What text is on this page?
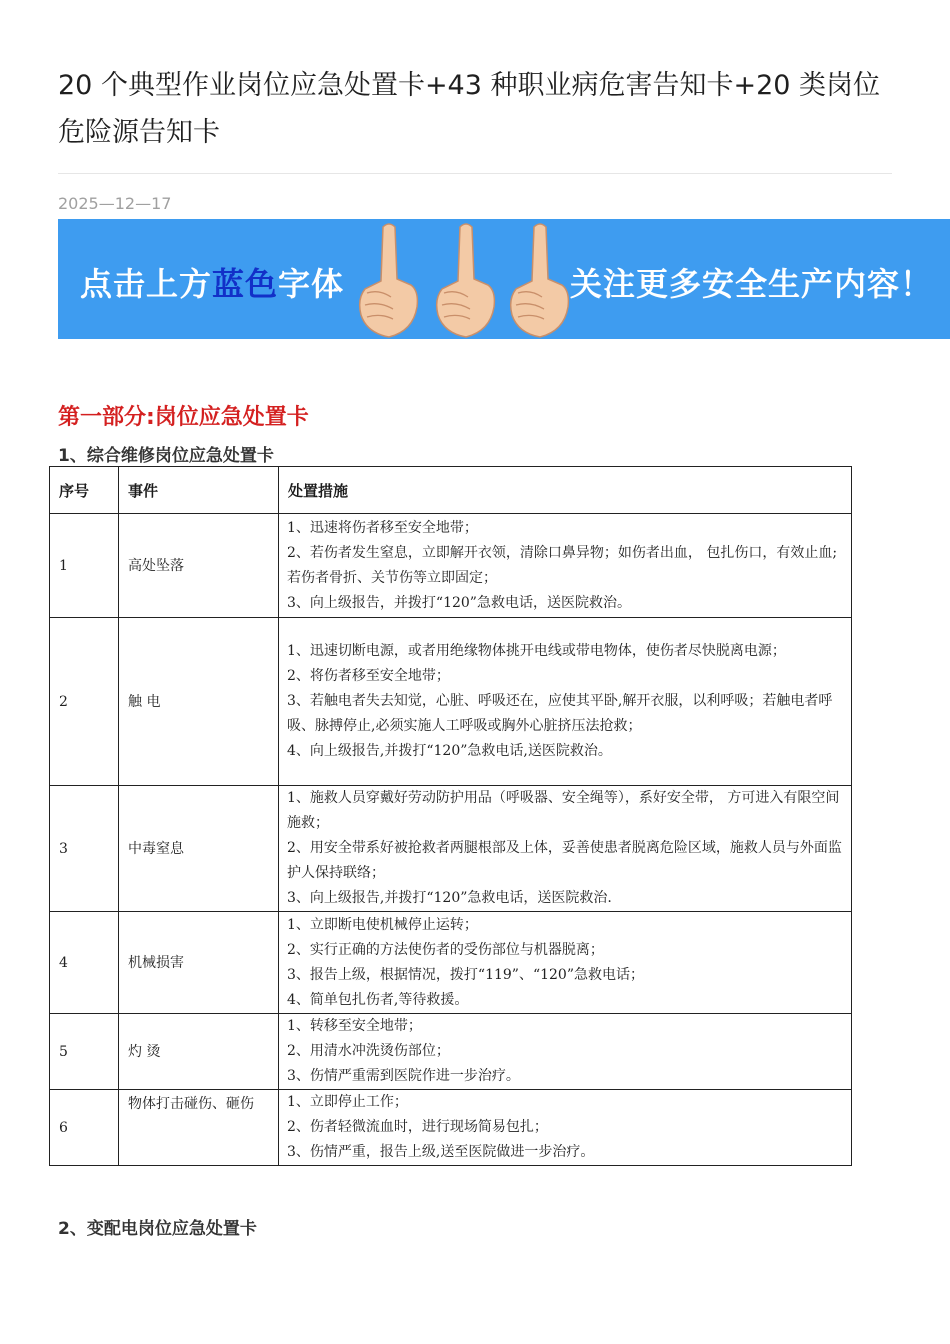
20 个典型作业岗位应急处置卡+43 种职业病危害告知卡+20 类岗位危险源告知卡
2025—12—17
点击上方蓝色字体	关注更多安全生产内容！
第一部分:岗位应急处置卡
1、综合维修岗位应急处置卡
序号	事件	处置措施
1	高处坠落	1、迅速将伤者移至安全地带；
2、若伤者发生窒息，立即解开衣领，清除口鼻异物；如伤者出血， 包扎伤口，有效止血;若伤者骨折、关节伤等立即固定；
3、向上级报告，并拨打“120”急救电话，送医院救治。

2	触 电	1、迅速切断电源，或者用绝缘物体挑开电线或带电物体，使伤者尽快脱离电源；
2、将伤者移至安全地带；
3、若触电者失去知觉，心脏、呼吸还在，应使其平卧,解开衣服，以利呼吸；若触电者呼吸、脉搏停止,必须实施人工呼吸或胸外心脏挤压法抢救；
4、向上级报告,并拨打“120”急救电话,送医院救治。

3	中毒窒息	1、施救人员穿戴好劳动防护用品（呼吸器、安全绳等），系好安全带， 方可进入有限空间施救；
2、用安全带系好被抢救者两腿根部及上体，妥善使患者脱离危险区域，施救人员与外面监护人保持联络；
3、向上级报告,并拨打“120”急救电话，送医院救治.

4	机械损害	1、立即断电使机械停止运转；
2、实行正确的方法使伤者的受伤部位与机器脱离；
3、报告上级，根据情况，拨打“119”、“120”急救电话；
4、简单包扎伤者,等待救援。

5	灼 烫	1、转移至安全地带；
2、用清水冲洗烫伤部位；
3、伤情严重需到医院作进一步治疗。

6	物体打击碰伤、砸伤	1、立即停止工作；
2、伤者轻微流血时，进行现场简易包扎；
3、伤情严重，报告上级,送至医院做进一步治疗。
2、变配电岗位应急处置卡
